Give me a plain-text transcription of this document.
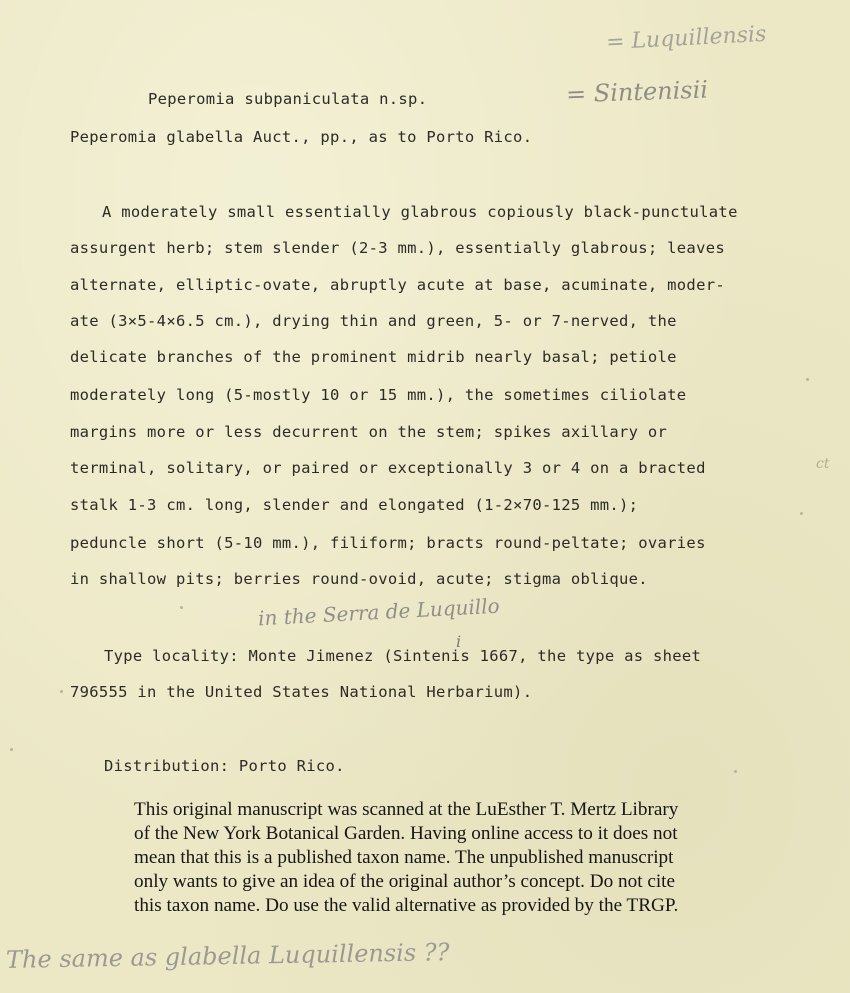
= Luquillensis

= Sintenisii

Peperomia subpaniculata n.sp.

Peperomia glabella Auct., pp., as to Porto Rico.

A moderately small essentially glabrous copiously black-punctulate

assurgent herb; stem slender (2-3 mm.), essentially glabrous; leaves

alternate, elliptic-ovate, abruptly acute at base, acuminate, moder-

ate (3×5-4×6.5 cm.), drying thin and green, 5- or 7-nerved, the

delicate branches of the prominent midrib nearly basal; petiole

moderately long (5-mostly 10 or 15 mm.), the sometimes ciliolate

margins more or less decurrent on the stem; spikes axillary or

terminal, solitary, or paired or exceptionally 3 or 4 on a bracted

stalk 1-3 cm. long, slender and elongated (1-2×70-125 mm.);

peduncle short (5-10 mm.), filiform; bracts round-peltate; ovaries

in shallow pits; berries round-ovoid, acute; stigma oblique.

ct

in the Serra de Luquillo

Type locality: Monte Jimenez (Sintenis 1667, the type as sheet

i

796555 in the United States National Herbarium).

Distribution: Porto Rico.

This original manuscript was scanned at the LuEsther T. Mertz Library
of the New York Botanical Garden. Having online access to it does not
mean that this is a published taxon name. The unpublished manuscript
only wants to give an idea of the original author’s concept. Do not cite
this taxon name. Do use the valid alternative as provided by the TRGP.

The same as glabella Luquillensis ??
